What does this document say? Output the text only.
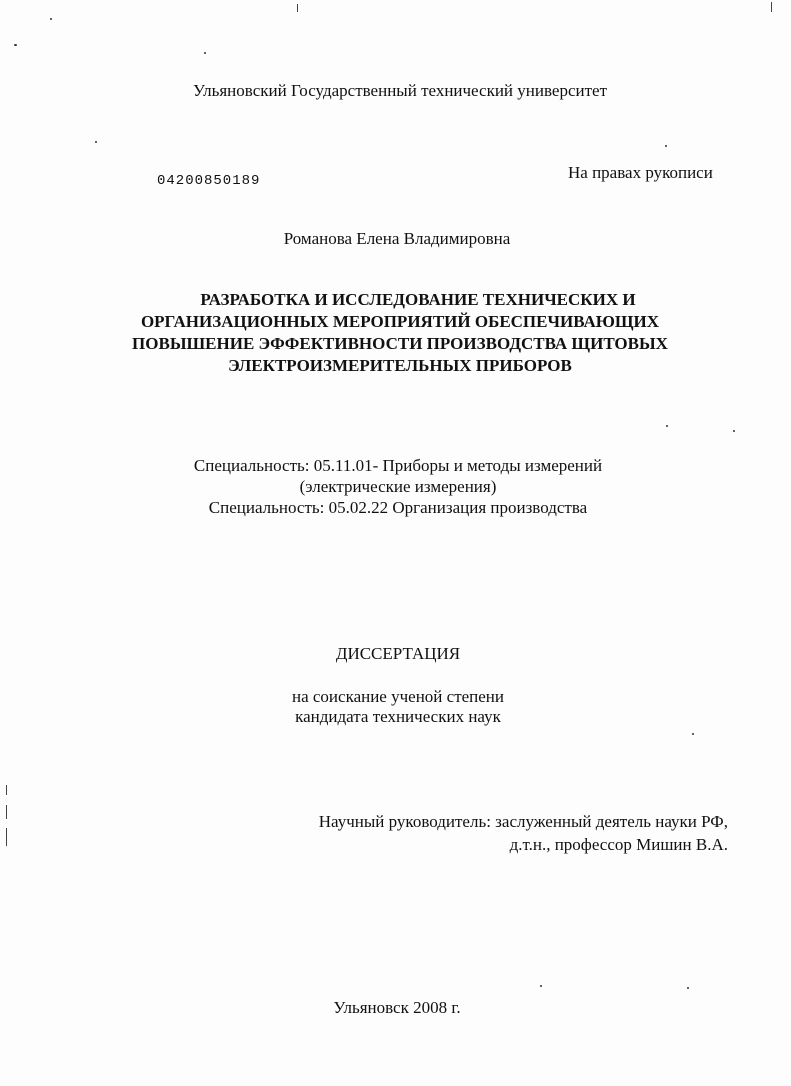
Ульяновский Государственный технический университет
04200850189	На правах рукописи
Романова Елена Владимировна
РАЗРАБОТКА И ИССЛЕДОВАНИЕ ТЕХНИЧЕСКИХ И
ОРГАНИЗАЦИОННЫХ МЕРОПРИЯТИЙ ОБЕСПЕЧИВАЮЩИХ
ПОВЫШЕНИЕ ЭФФЕКТИВНОСТИ ПРОИЗВОДСТВА ЩИТОВЫХ
ЭЛЕКТРОИЗМЕРИТЕЛЬНЫХ ПРИБОРОВ
Специальность: 05.11.01- Приборы и методы измерений
(электрические измерения)
Специальность: 05.02.22 Организация производства
ДИССЕРТАЦИЯ
на соискание ученой степени
кандидата технических наук
Научный руководитель: заслуженный деятель науки РФ,
д.т.н., профессор Мишин В.А.
Ульяновск 2008 г.
